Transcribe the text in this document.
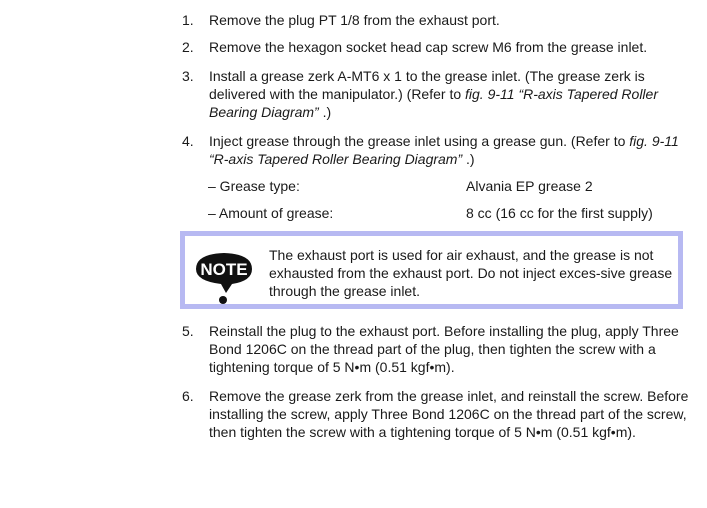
1.	Remove the plug PT 1/8 from the exhaust port.
2.	Remove the hexagon socket head cap screw M6 from the grease inlet.
3.	Install a grease zerk A-MT6 x 1 to the grease inlet. (The grease zerk is delivered with the manipulator.) (Refer to fig. 9-11 “R-axis Tapered Roller Bearing Diagram” .)
4.	Inject grease through the grease inlet using a grease gun. (Refer to fig. 9-11 “R-axis Tapered Roller Bearing Diagram” .)
– Grease type:	Alvania EP grease 2
– Amount of grease:	8 cc (16 cc for the first supply)
NOTE
The exhaust port is used for air exhaust, and the grease is not exhausted from the exhaust port. Do not inject exces-sive grease through the grease inlet.
5.	Reinstall the plug to the exhaust port. Before installing the plug, apply Three Bond 1206C on the thread part of the plug, then tighten the screw with a tightening torque of 5 N•m (0.51 kgf•m).
6.	Remove the grease zerk from the grease inlet, and reinstall the screw. Before installing the screw, apply Three Bond 1206C on the thread part of the screw, then tighten the screw with a tightening torque of 5 N•m (0.51 kgf•m).
